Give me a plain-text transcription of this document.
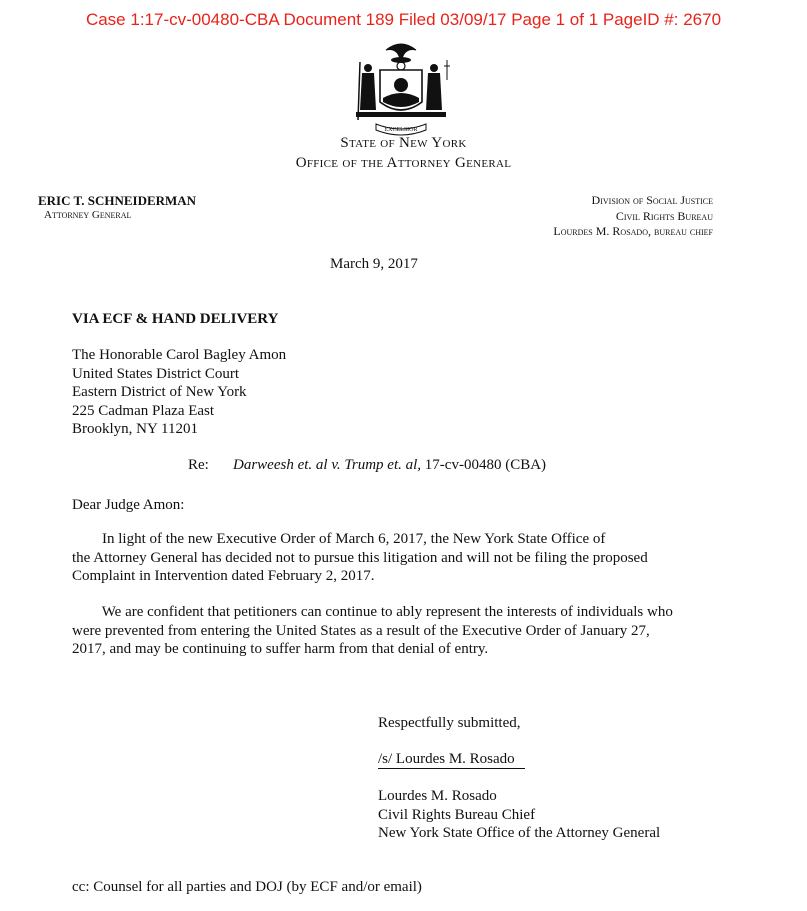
Case 1:17-cv-00480-CBA Document 189 Filed 03/09/17 Page 1 of 1 PageID #: 2670
EXCELSIOR
State of New York
Office of the Attorney General
ERIC T. SCHNEIDERMAN
Attorney General
Division of Social Justice
Civil Rights Bureau
Lourdes M. Rosado, bureau chief
March 9, 2017
VIA ECF & HAND DELIVERY
The Honorable Carol Bagley Amon
United States District Court
Eastern District of New York
225 Cadman Plaza East
Brooklyn, NY 11201
Re: Darweesh et. al v. Trump et. al, 17-cv-00480 (CBA)
Dear Judge Amon:
In light of the new Executive Order of March 6, 2017, the New York State Office of
the Attorney General has decided not to pursue this litigation and will not be filing the proposed
Complaint in Intervention dated February 2, 2017.
We are confident that petitioners can continue to ably represent the interests of individuals who
were prevented from entering the United States as a result of the Executive Order of January 27,
2017, and may be continuing to suffer harm from that denial of entry.
Respectfully submitted,
/s/ Lourdes M. Rosado
Lourdes M. Rosado
Civil Rights Bureau Chief
New York State Office of the Attorney General
cc: Counsel for all parties and DOJ (by ECF and/or email)
